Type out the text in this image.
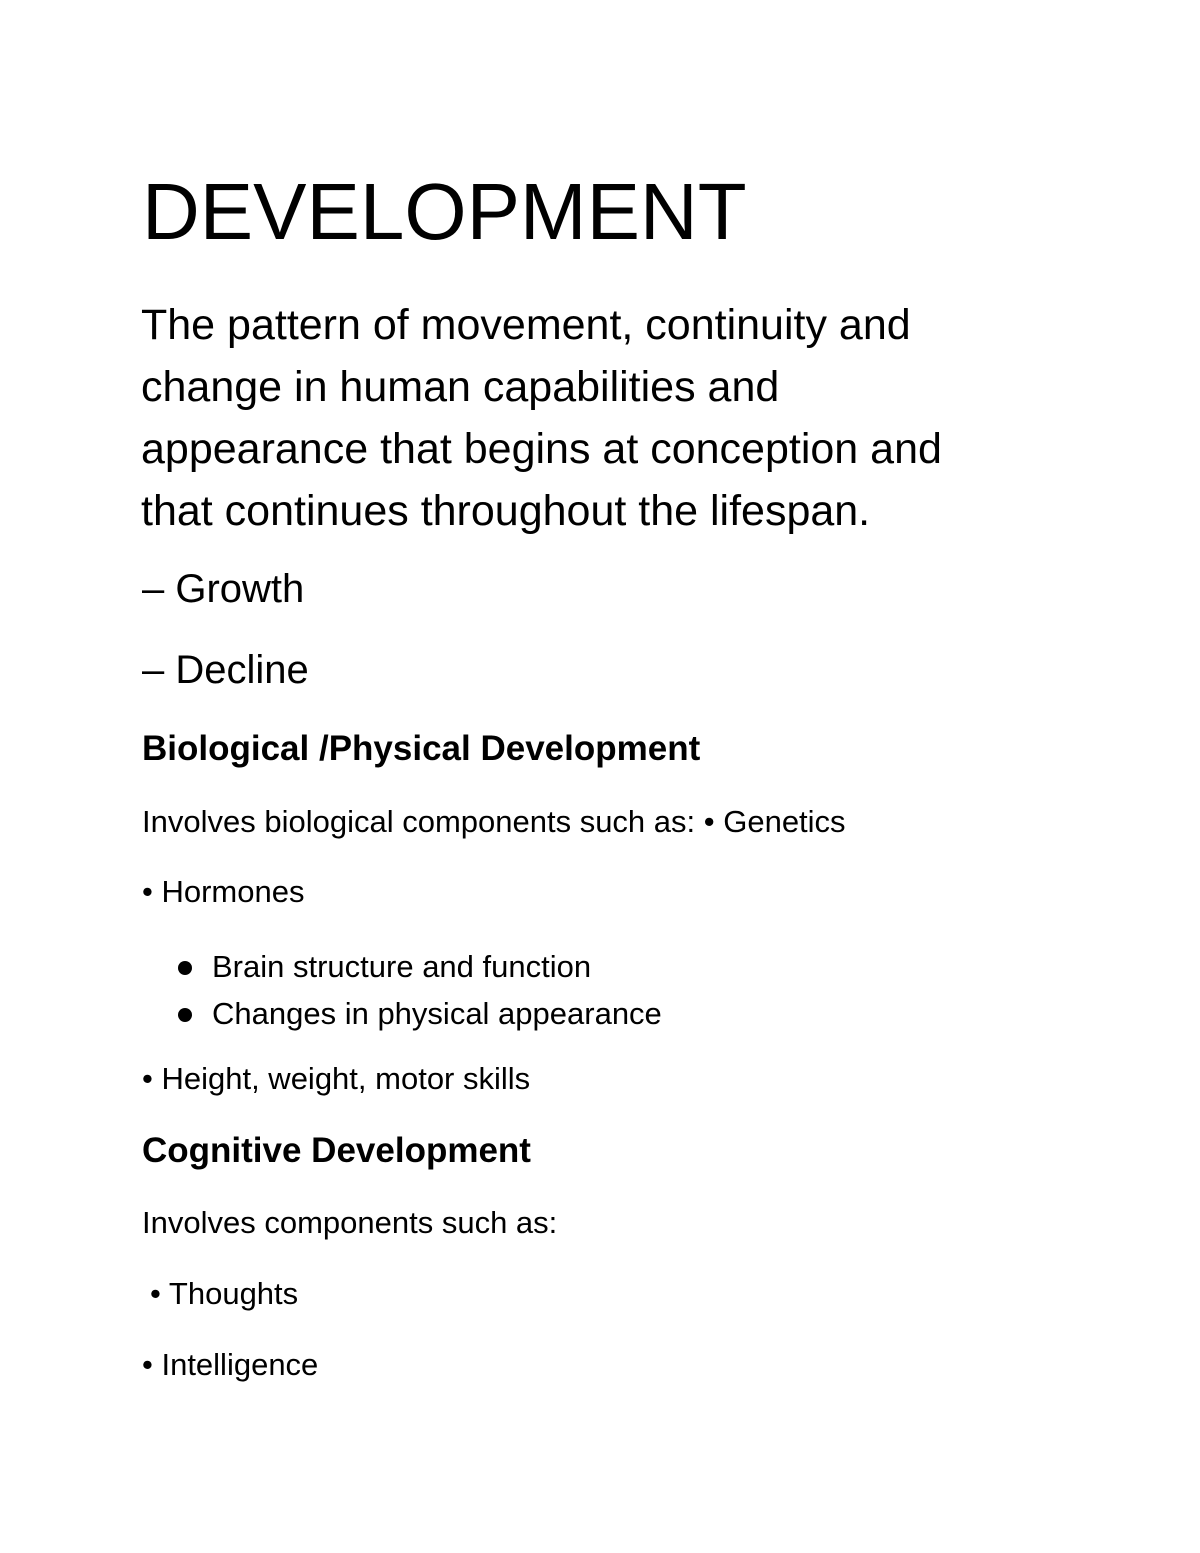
DEVELOPMENT
The pattern of movement, continuity and
change in human capabilities and
appearance that begins at conception and
that continues throughout the lifespan.

– Growth

– Decline

Biological /Physical Development

Involves biological components such as: • Genetics

• Hormones

Brain structure and function
Changes in physical appearance

• Height, weight, motor skills

Cognitive Development

Involves components such as:

• Thoughts

• Intelligence
